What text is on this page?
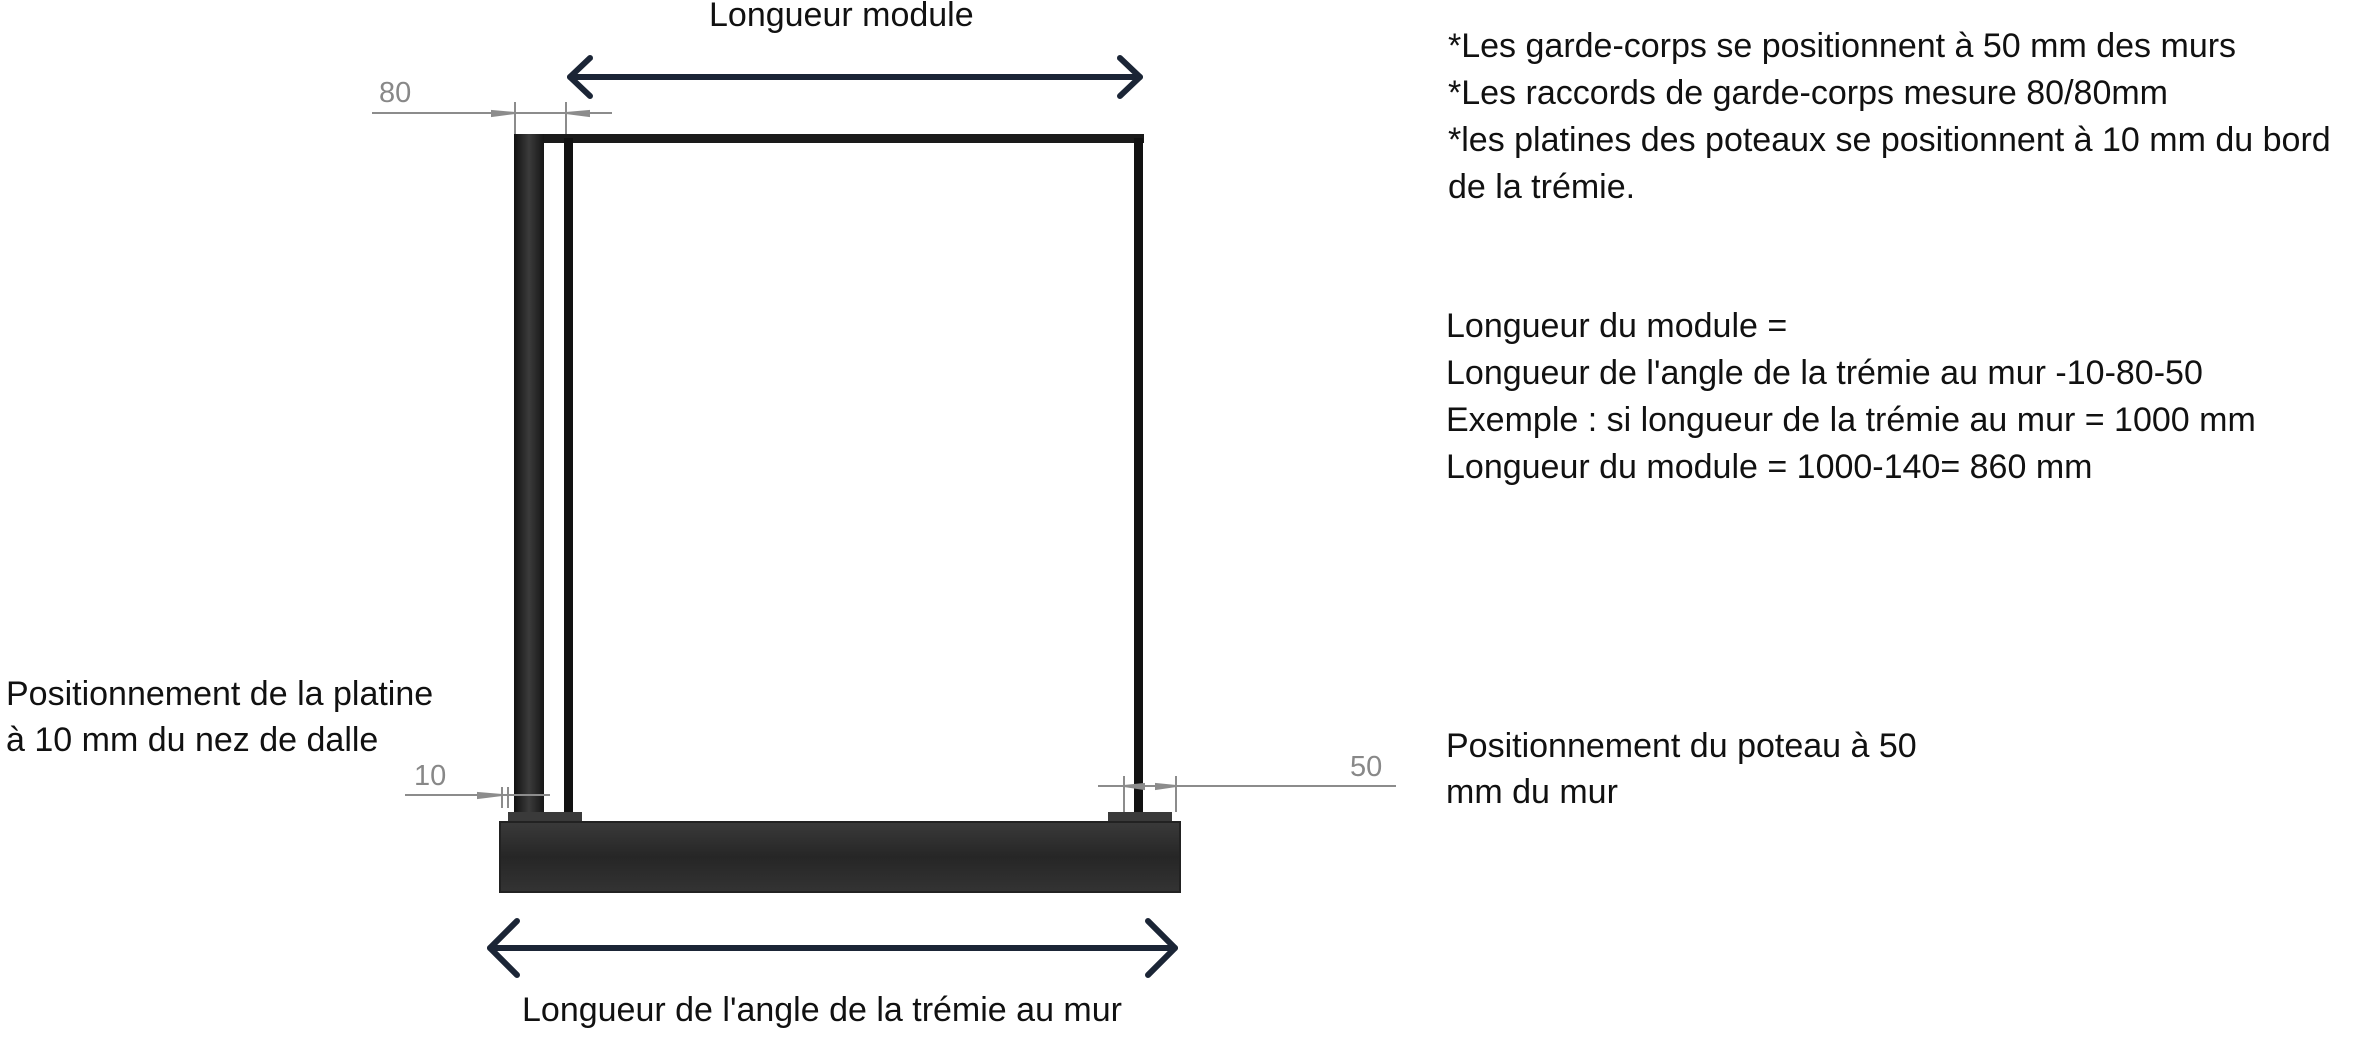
80
10	50
Longueur module
Longueur de l'angle de la trémie au mur
Positionnement de la platine
à 10 mm du nez de dalle	Positionnement du poteau à 50
mm du mur
*Les garde-corps se positionnent à 50 mm des murs
*Les raccords de garde-corps mesure 80/80mm
*les platines des poteaux se positionnent à 10 mm du bord
de la trémie.
Longueur du module =
Longueur de l'angle de la trémie au mur -10-80-50
Exemple : si longueur de la trémie au mur = 1000 mm
Longueur du module = 1000-140= 860 mm
